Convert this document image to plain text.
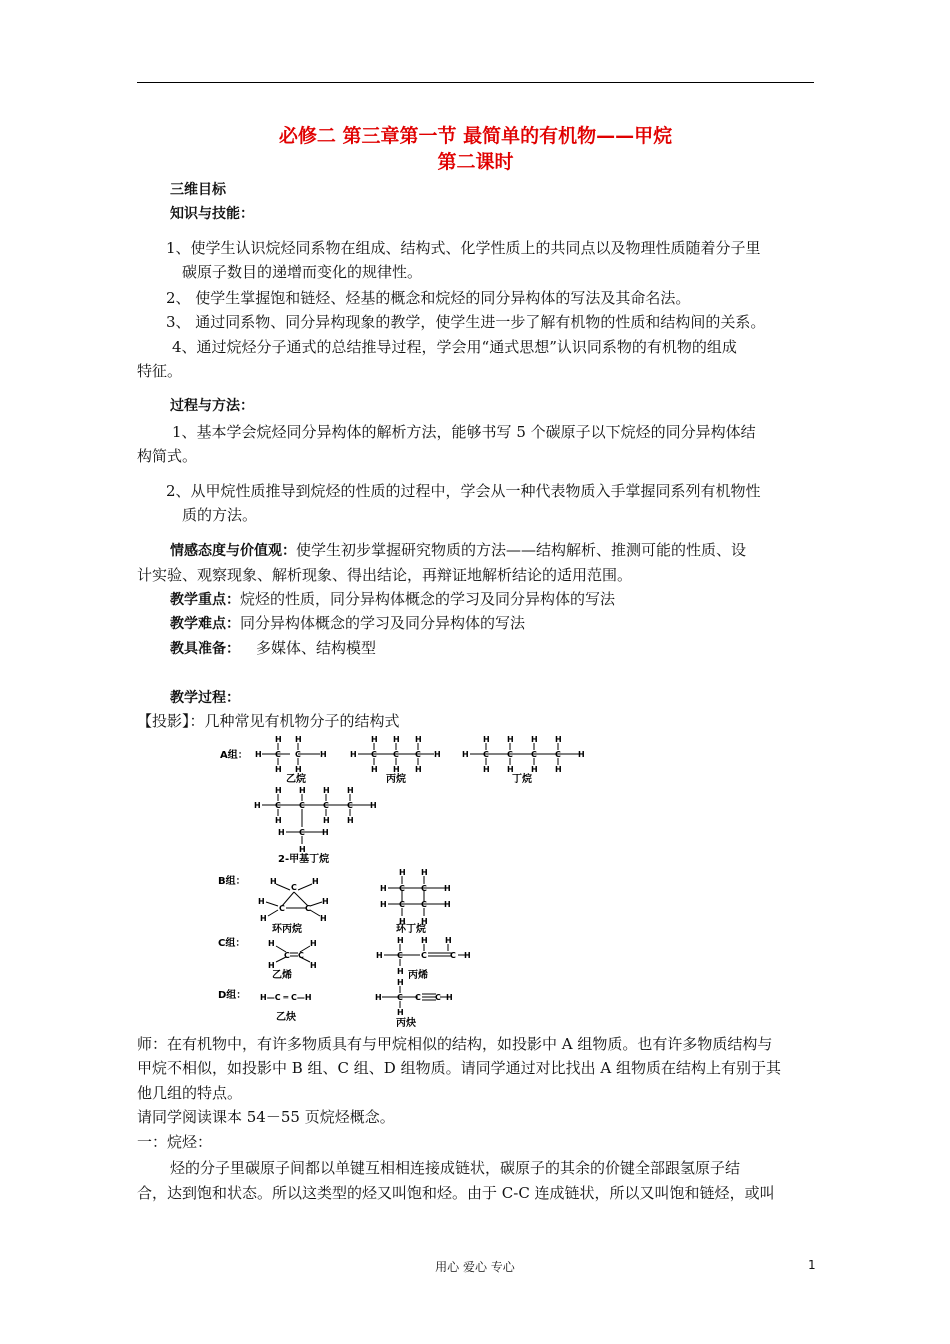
必修二 第三章第一节 最简单的有机物——甲烷
第二课时
三维目标
知识与技能：
1、使学生认识烷烃同系物在组成、结构式、化学性质上的共同点以及物理性质随着分子里
碳原子数目的递增而变化的规律性。
2、 使学生掌握饱和链烃、烃基的概念和烷烃的同分异构体的写法及其命名法。
3、 通过同系物、同分异构现象的教学，使学生进一步了解有机物的性质和结构间的关系。
4、通过烷烃分子通式的总结推导过程，学会用“通式思想”认识同系物的有机物的组成
特征。
过程与方法：
1、基本学会烷烃同分异构体的解析方法，能够书写 5 个碳原子以下烷烃的同分异构体结
构简式。
2、从甲烷性质推导到烷烃的性质的过程中，学会从一种代表物质入手掌握同系列有机物性
质的方法。
情感态度与价值观：使学生初步掌握研究物质的方法——结构解析、推测可能的性质、设
计实验、观察现象、解析现象、得出结论，再辩证地解析结论的适用范围。
教学重点：烷烃的性质，同分异构体概念的学习及同分异构体的写法
教学难点：同分异构体概念的学习及同分异构体的写法
教具准备： 多媒体、结构模型
教学过程：
【投影】：几种常见有机物分子的结构式
A组：
B组：
C组：
D组：
H C C H
H H
H H
H C C C H
H H H
H H H
H C C C C H
H H H H
H H H H
H C C C C H
H H H H
H	H H
H C H
H
H	H
C
H	H
C	C
H	H
H H
H C C H
H C C H
H H
H	H
C C
H	H
H H H
H C C	C H
H
H
H C C C H
H
H—C ═ C—H
乙烷	丙烷	丁烷
2-甲基丁烷
环丙烷	环丁烷
乙烯	丙烯
乙炔
丙炔
师：在有机物中，有许多物质具有与甲烷相似的结构，如投影中 A 组物质。也有许多物质结构与
甲烷不相似，如投影中 B 组、C 组、D 组物质。请同学通过对比找出 A 组物质在结构上有别于其
他几组的特点。
请同学阅读课本 54－55 页烷烃概念。
一：烷烃：
烃的分子里碳原子间都以单键互相相连接成链状，碳原子的其余的价键全部跟氢原子结
合，达到饱和状态。所以这类型的烃又叫饱和烃。由于 C-C 连成链状，所以又叫饱和链烃，或叫
用心 爱心 专心	1
